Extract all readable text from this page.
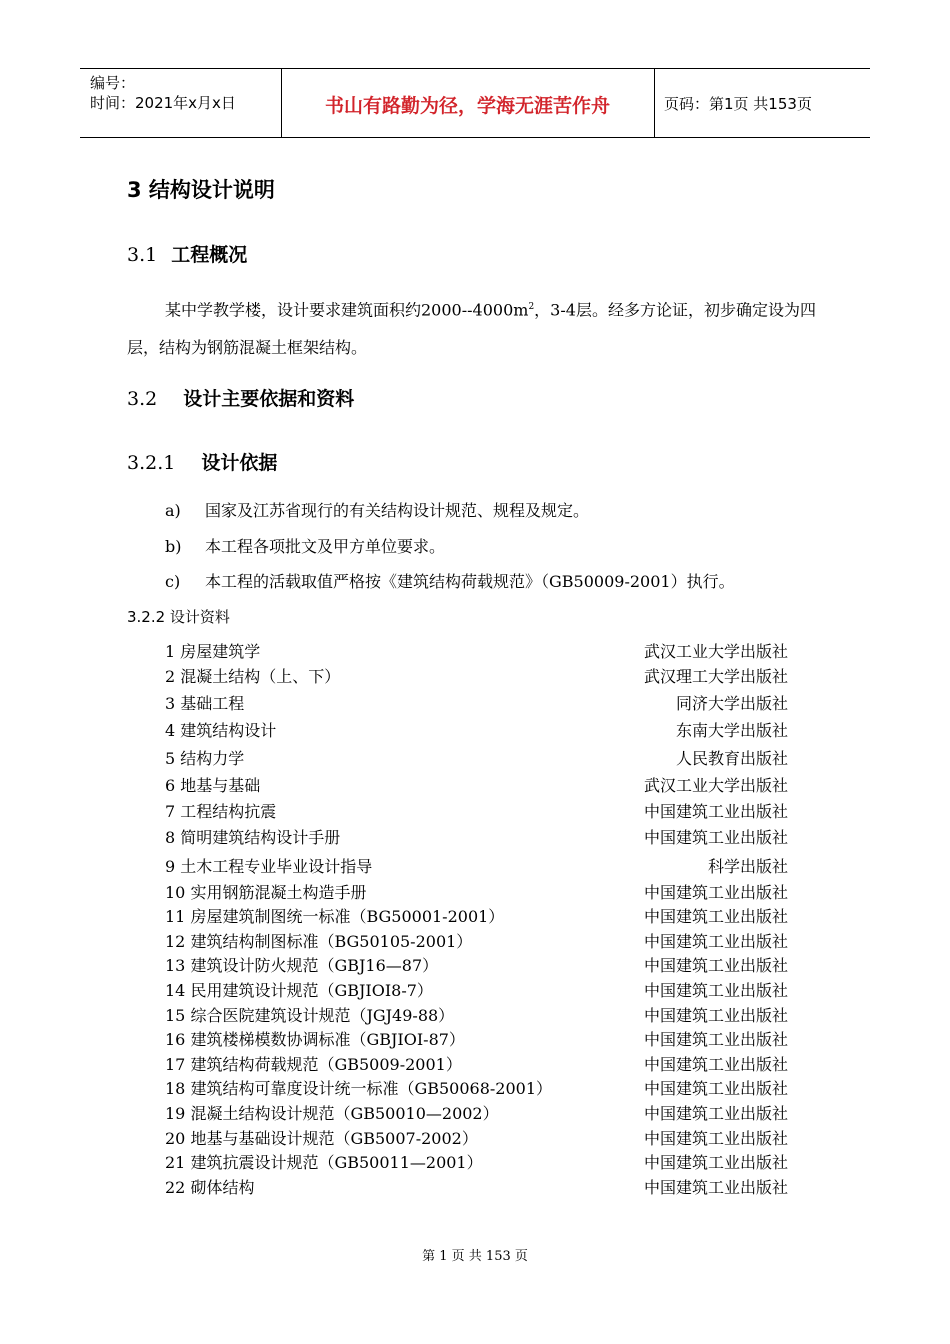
编号：
时间：2021年x月x日	书山有路勤为径，学海无涯苦作舟	页码：第1页 共153页
3 结构设计说明
3.1 工程概况
某中学教学楼，设计要求建筑面积约$2000--4000m^2$，3-4层。经多方论证，初步确定设为四层，结构为钢筋混凝土框架结构。
3.2 设计主要依据和资料
3.2.1 设计依据
a) 国家及江苏省现行的有关结构设计规范、规程及规定。
b) 本工程各项批文及甲方单位要求。
c) 本工程的活载取值严格按《建筑结构荷载规范》（GB50009-2001）执行。
3.2.2 设计资料
1 房屋建筑学	武汉工业大学出版社
2 混凝土结构（上、下）	武汉理工大学出版社
3 基础工程	同济大学出版社
4 建筑结构设计	东南大学出版社
5 结构力学	人民教育出版社
6 地基与基础	武汉工业大学出版社
7 工程结构抗震	中国建筑工业出版社
8 简明建筑结构设计手册	中国建筑工业出版社
9 土木工程专业毕业设计指导	科学出版社
10 实用钢筋混凝土构造手册	中国建筑工业出版社
11 房屋建筑制图统一标准（BG50001-2001）	中国建筑工业出版社
12 建筑结构制图标准（BG50105-2001）	中国建筑工业出版社
13 建筑设计防火规范（GBJ16—87）	中国建筑工业出版社
14 民用建筑设计规范（GBJIOI8-7）	中国建筑工业出版社
15 综合医院建筑设计规范（JGJ49-88）	中国建筑工业出版社
16 建筑楼梯模数协调标准（GBJIOI-87）	中国建筑工业出版社
17 建筑结构荷载规范（GB5009-2001）	中国建筑工业出版社
18 建筑结构可靠度设计统一标准（GB50068-2001）	中国建筑工业出版社
19 混凝土结构设计规范（GB50010—2002）	中国建筑工业出版社
20 地基与基础设计规范（GB5007-2002）	中国建筑工业出版社
21 建筑抗震设计规范（GB50011—2001）	中国建筑工业出版社
22 砌体结构	中国建筑工业出版社
第 1 页 共 153 页
